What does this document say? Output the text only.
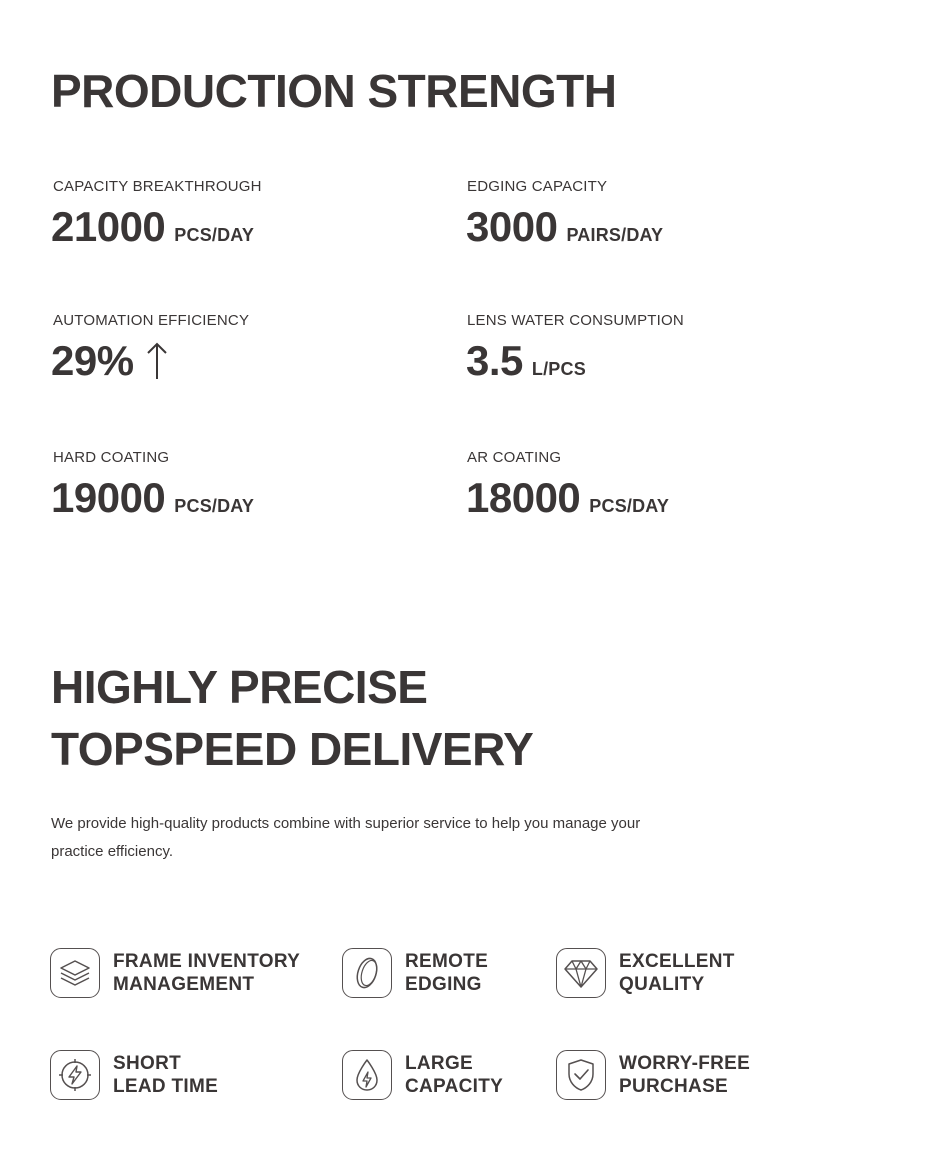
PRODUCTION STRENGTH
CAPACITY BREAKTHROUGH
21000 PCS/DAY
EDGING CAPACITY
3000 PAIRS/DAY
AUTOMATION EFFICIENCY
29%
LENS WATER CONSUMPTION
3.5 L/PCS
HARD COATING
19000 PCS/DAY
AR COATING
18000 PCS/DAY
HIGHLY PRECISE
TOPSPEED DELIVERY

We provide high-quality products combine with superior service to help you manage your practice efficiency.

FRAME INVENTORY
MANAGEMENT
REMOTE
EDGING
EXCELLENT
QUALITY
SHORT
LEAD TIME
LARGE
CAPACITY
WORRY-FREE
PURCHASE
